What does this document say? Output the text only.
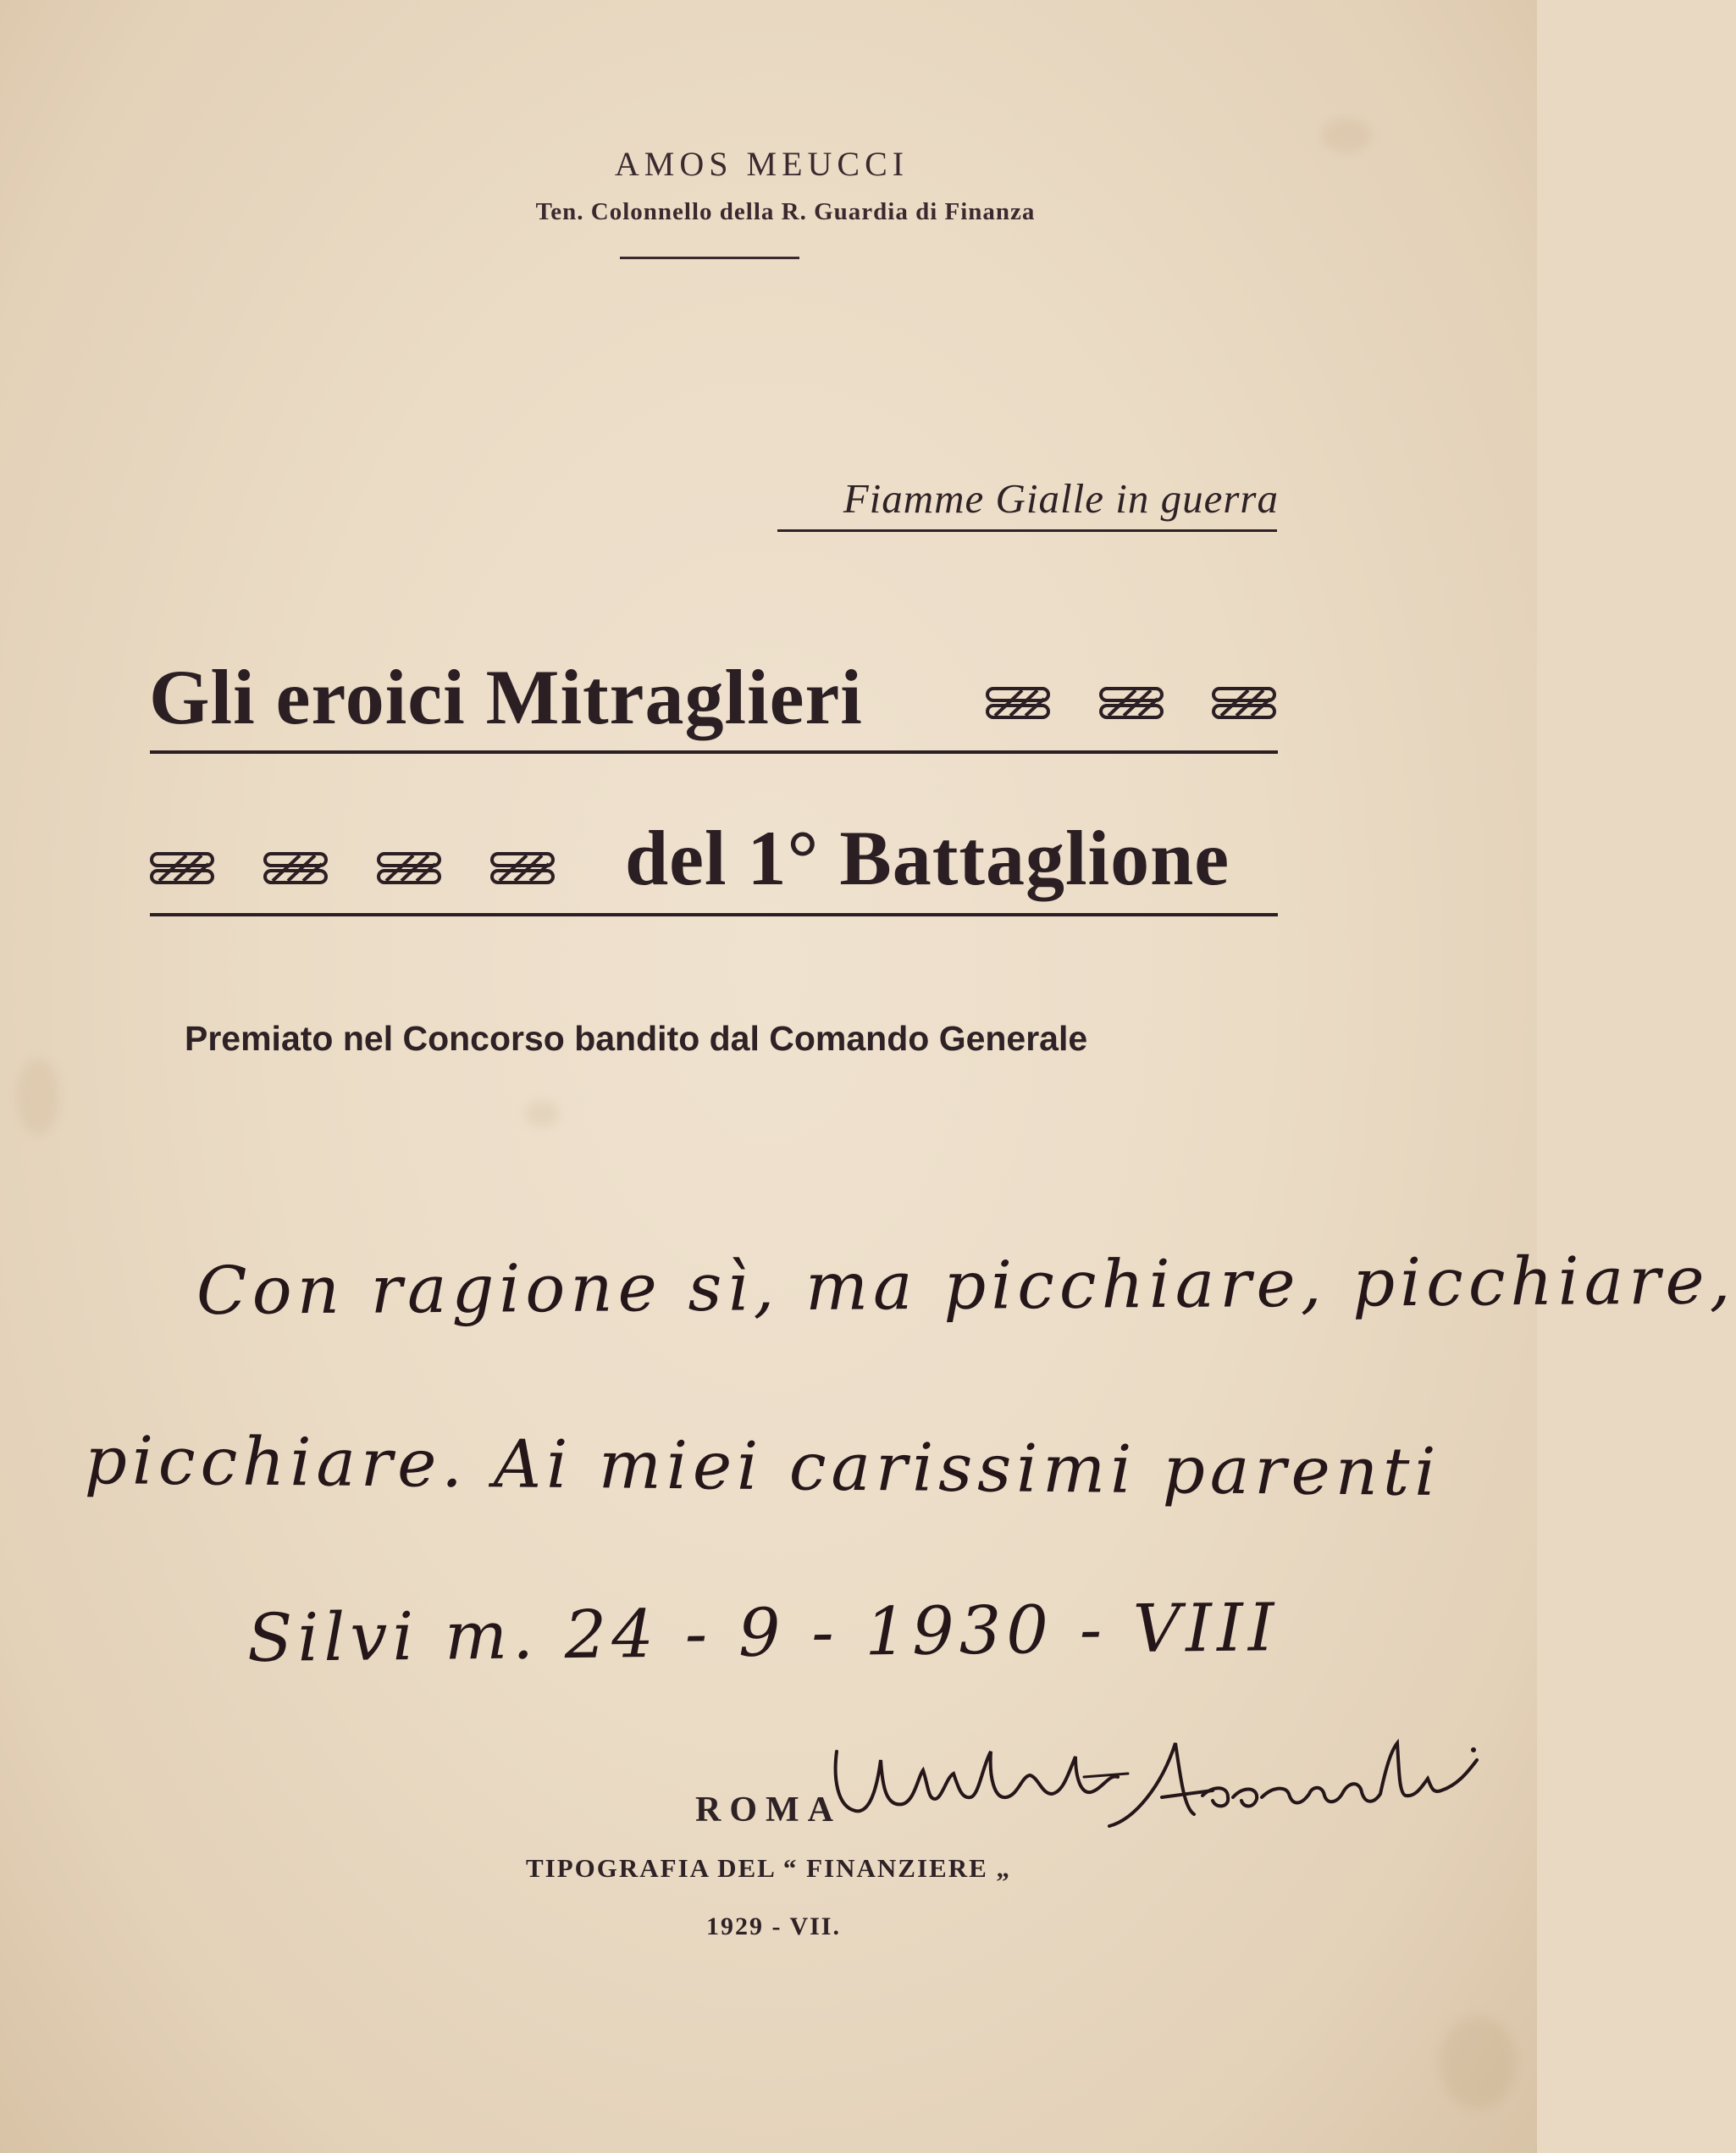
AMOS MEUCCI
Ten. Colonnello della R. Guardia di Finanza
Fiamme Gialle in guerra
Gli eroici Mitraglieri
del 1° Battaglione
Premiato nel Concorso bandito dal Comando Generale
Con ragione sì, ma picchiare, picchiare,
picchiare. Ai miei carissimi parenti
Silvi m. 24 - 9 - 1930 - VIII
ROMA
TIPOGRAFIA DEL “ FINANZIERE „
1929 - VII.
